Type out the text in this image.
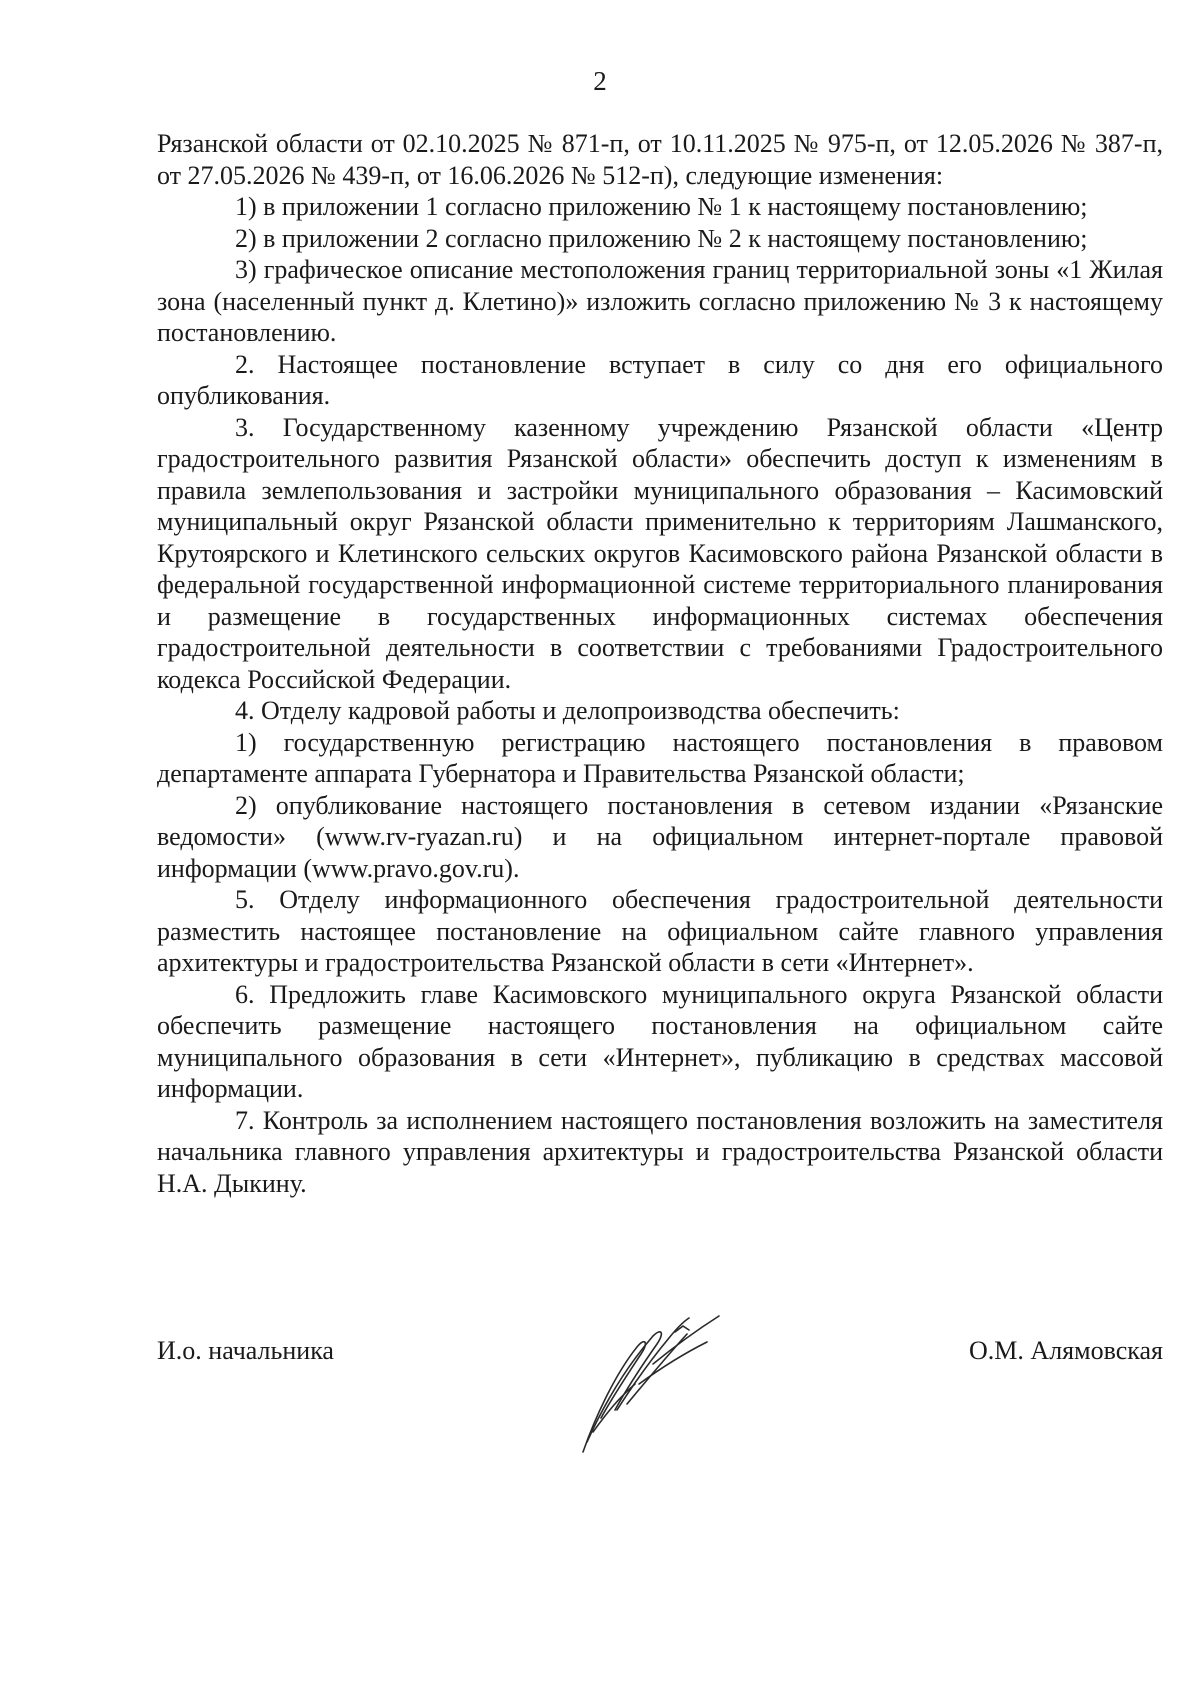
2

Рязанской области от 02.10.2025 № 871-п, от 10.11.2025 № 975-п, от 12.05.2026 № 387-п, от 27.05.2026 № 439-п, от 16.06.2026 № 512-п), следующие изменения:

1) в приложении 1 согласно приложению № 1 к настоящему постановлению;

2) в приложении 2 согласно приложению № 2 к настоящему постановлению;

3) графическое описание местоположения границ территориальной зоны «1 Жилая зона (населенный пункт д. Клетино)» изложить согласно приложению № 3 к настоящему постановлению.

2. Настоящее постановление вступает в силу со дня его официального опубликования.

3. Государственному казенному учреждению Рязанской области «Центр градостроительного развития Рязанской области» обеспечить доступ к изменениям в правила землепользования и застройки муниципального образования – Касимовский муниципальный округ Рязанской области применительно к территориям Лашманского, Крутоярского и Клетинского сельских округов Касимовского района Рязанской области в федеральной государственной информационной системе территориального планирования и размещение в государственных информационных системах обеспечения градостроительной деятельности в соответствии с требованиями Градостроительного кодекса Российской Федерации.

4. Отделу кадровой работы и делопроизводства обеспечить:

1) государственную регистрацию настоящего постановления в правовом департаменте аппарата Губернатора и Правительства Рязанской области;

2) опубликование настоящего постановления в сетевом издании «Рязанские ведомости» (www.rv-ryazan.ru) и на официальном интернет-портале правовой информации (www.pravo.gov.ru).

5. Отделу информационного обеспечения градостроительной деятельности разместить настоящее постановление на официальном сайте главного управления архитектуры и градостроительства Рязанской области в сети «Интернет».

6. Предложить главе Касимовского муниципального округа Рязанской области обеспечить размещение настоящего постановления на официальном сайте муниципального образования в сети «Интернет», публикацию в средствах массовой информации.

7. Контроль за исполнением настоящего постановления возложить на заместителя начальника главного управления архитектуры и градостроительства Рязанской области Н.А. Дыкину.

И.о. начальника	О.М. Алямовская
